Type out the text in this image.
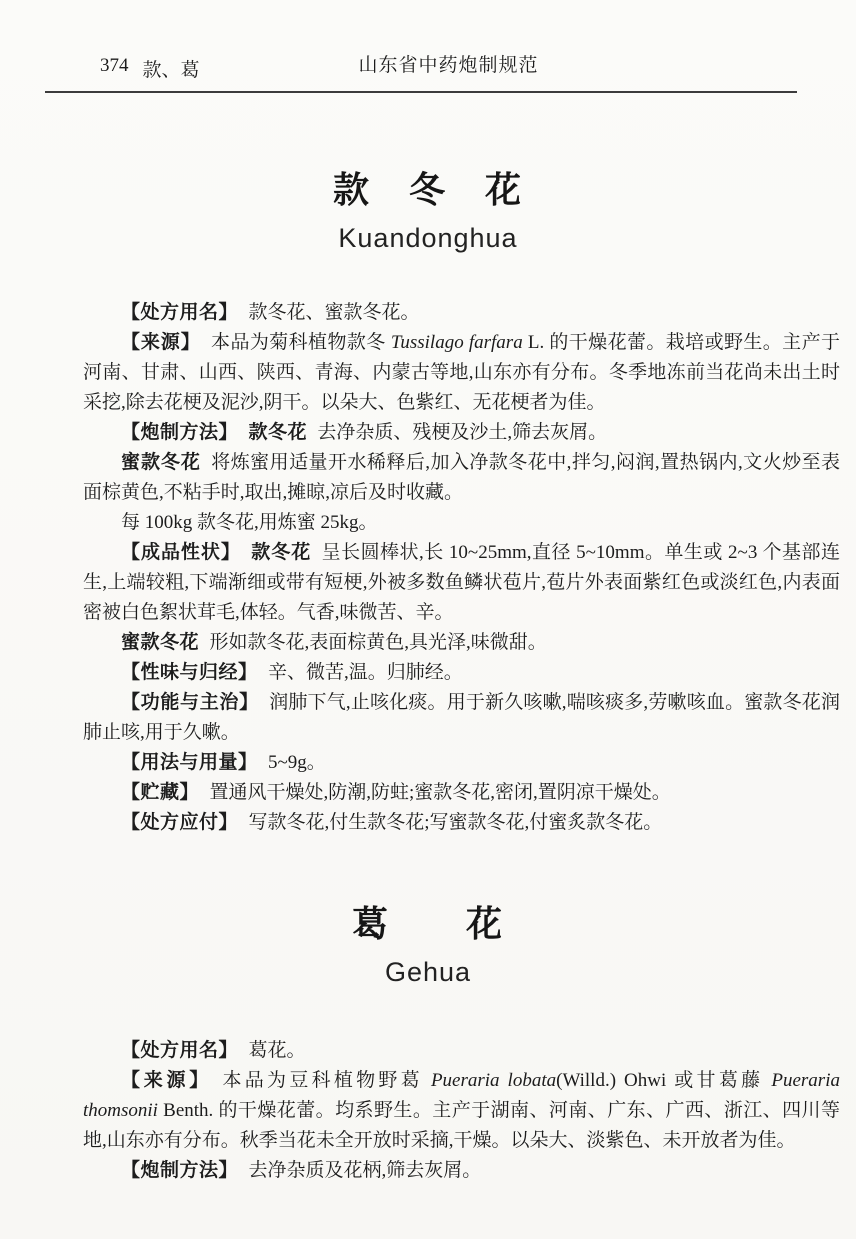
374 款、葛	山东省中药炮制规范
款　冬　花
Kuandonghua

【处方用名】 款冬花、蜜款冬花。

【来源】 本品为菊科植物款冬 Tussilago farfara L. 的干燥花蕾。栽培或野生。主产于河南、甘肃、山西、陕西、青海、内蒙古等地,山东亦有分布。冬季地冻前当花尚未出土时采挖,除去花梗及泥沙,阴干。以朵大、色紫红、无花梗者为佳。

【炮制方法】 款冬花 去净杂质、残梗及沙土,筛去灰屑。

蜜款冬花 将炼蜜用适量开水稀释后,加入净款冬花中,拌匀,闷润,置热锅内,文火炒至表面棕黄色,不粘手时,取出,摊晾,凉后及时收藏。

每 100kg 款冬花,用炼蜜 25kg。

【成品性状】 款冬花 呈长圆棒状,长 10~25mm,直径 5~10mm。单生或 2~3 个基部连生,上端较粗,下端渐细或带有短梗,外被多数鱼鳞状苞片,苞片外表面紫红色或淡红色,内表面密被白色絮状茸毛,体轻。气香,味微苦、辛。

蜜款冬花 形如款冬花,表面棕黄色,具光泽,味微甜。

【性味与归经】 辛、微苦,温。归肺经。

【功能与主治】 润肺下气,止咳化痰。用于新久咳嗽,喘咳痰多,劳嗽咳血。蜜款冬花润肺止咳,用于久嗽。

【用法与用量】 5~9g。

【贮藏】 置通风干燥处,防潮,防蛀;蜜款冬花,密闭,置阴凉干燥处。

【处方应付】 写款冬花,付生款冬花;写蜜款冬花,付蜜炙款冬花。

葛　　花
Gehua

【处方用名】 葛花。

【来源】 本品为豆科植物野葛 Pueraria lobata(Willd.) Ohwi 或甘葛藤 Pueraria thomsonii Benth. 的干燥花蕾。均系野生。主产于湖南、河南、广东、广西、浙江、四川等地,山东亦有分布。秋季当花未全开放时采摘,干燥。以朵大、淡紫色、未开放者为佳。

【炮制方法】 去净杂质及花柄,筛去灰屑。
